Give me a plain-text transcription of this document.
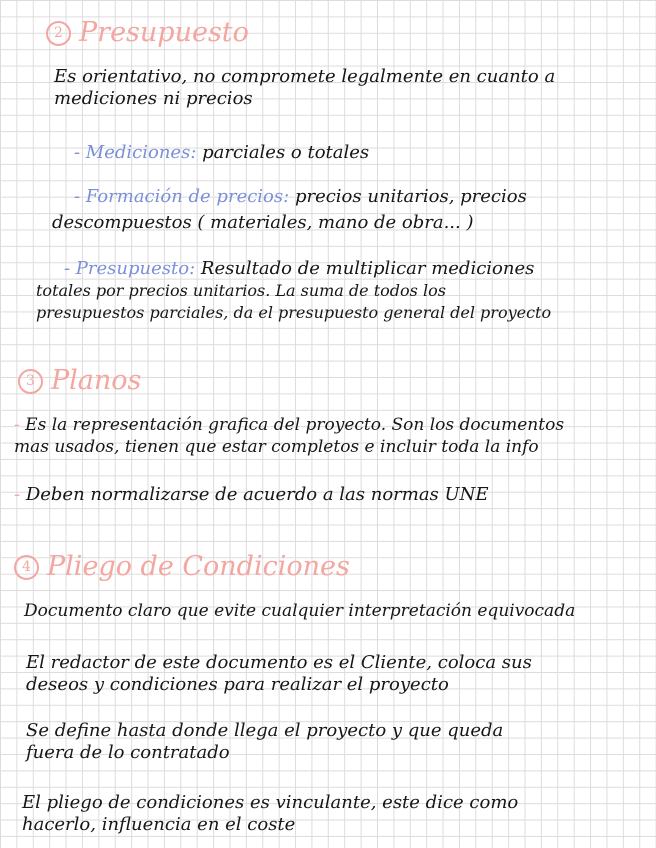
2 Presupuesto
Es orientativo, no compromete legalmente en cuanto a
mediciones ni precios
- Mediciones: parciales o totales
- Formación de precios: precios unitarios, precios
descompuestos ( materiales, mano de obra... )
- Presupuesto: Resultado de multiplicar mediciones
totales por precios unitarios. La suma de todos los
presupuestos parciales, da el presupuesto general del proyecto
3 Planos
- Es la representación grafica del proyecto. Son los documentos
mas usados, tienen que estar completos e incluir toda la info
- Deben normalizarse de acuerdo a las normas UNE
4 Pliego de Condiciones
Documento claro que evite cualquier interpretación equivocada
El redactor de este documento es el Cliente, coloca sus
deseos y condiciones para realizar el proyecto
Se define hasta donde llega el proyecto y que queda
fuera de lo contratado
El pliego de condiciones es vinculante, este dice como
hacerlo, influencia en el coste
